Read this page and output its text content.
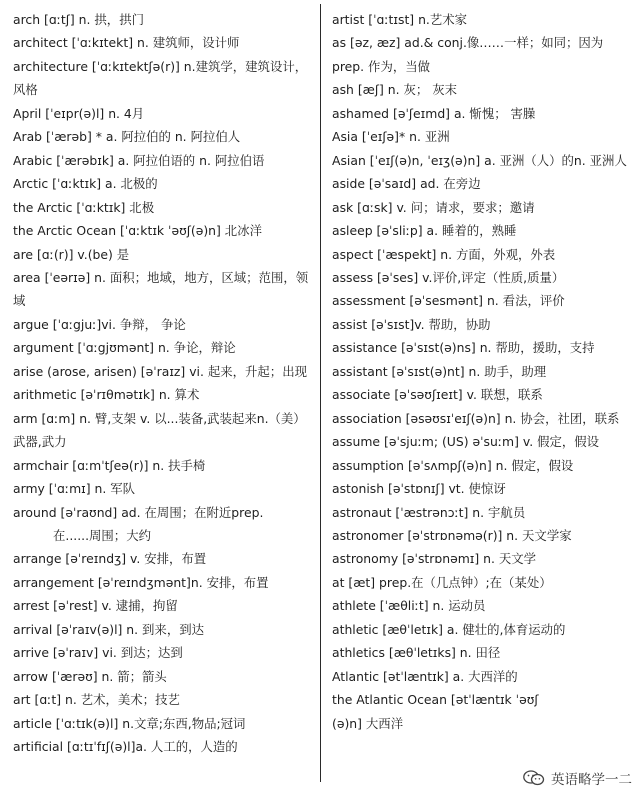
arch [ɑːtʃ] n. 拱，拱门
architect [ˈɑːkɪtekt] n. 建筑师，设计师
architecture [ˈɑːkɪtektʃə(r)] n.建筑学，建筑设计，风格
April [ˈeɪpr(ə)l] n. 4月
Arab [ˈærəb] * a. 阿拉伯的 n. 阿拉伯人
Arabic [ˈærəbɪk] a. 阿拉伯语的 n. 阿拉伯语
Arctic [ˈɑːktɪk] a. 北极的
the Arctic [ˈɑːktɪk] 北极
the Arctic Ocean [ˈɑːktɪk ˈəʊʃ(ə)n] 北冰洋
are [ɑː(r)] v.(be) 是
area [ˈeərɪə] n. 面积；地域，地方，区域；范围，领域
argue [ˈɑːgjuː]vi. 争辩， 争论
argument [ˈɑːgjʊmənt] n. 争论，辩论
arise (arose, arisen) [əˈraɪz] vi. 起来，升起；出现
arithmetic [əˈrɪθmətɪk] n. 算术
arm [ɑːm] n. 臂,支架 v. 以...装备,武装起来n.（美）武器,武力
armchair [ɑːmˈtʃeə(r)] n. 扶手椅
army [ˈɑːmɪ] n. 军队
around [əˈraʊnd] ad. 在周围；在附近prep.
在......周围；大约
arrange [əˈreɪndʒ] v. 安排，布置
arrangement [əˈreɪndʒmənt]n. 安排，布置
arrest [əˈrest] v. 逮捕，拘留
arrival [əˈraɪv(ə)l] n. 到来，到达
arrive [əˈraɪv] vi. 到达；达到
arrow [ˈærəʊ] n. 箭；箭头
art [ɑːt] n. 艺术，美术；技艺
article [ˈɑːtɪk(ə)l] n.文章;东西,物品;冠词
artificial [ɑːtɪˈfɪʃ(ə)l]a. 人工的，人造的
artist [ˈɑːtɪst] n.艺术家
as [əz, æz] ad.& conj.像……一样；如同；因为
prep. 作为，当做
ash [æʃ] n. 灰； 灰末
ashamed [əˈʃeɪmd] a. 惭愧； 害臊
Asia [ˈeɪʃə]* n. 亚洲
Asian [ˈeɪʃ(ə)n, ˈeɪʒ(ə)n] a. 亚洲（人）的n. 亚洲人
aside [əˈsaɪd] ad. 在旁边
ask [ɑːsk] v. 问；请求，要求；邀请
asleep [əˈsliːp] a. 睡着的，熟睡
aspect [ˈæspekt] n. 方面，外观，外表
assess [əˈses] v.评价,评定（性质,质量）
assessment [əˈsesmənt] n. 看法，评价
assist [əˈsɪst]v. 帮助，协助
assistance [əˈsɪst(ə)ns] n. 帮助，援助，支持
assistant [əˈsɪst(ə)nt] n. 助手，助理
associate [əˈsəʊʃɪeɪt] v. 联想，联系
association [əsəʊsɪˈeɪʃ(ə)n] n. 协会，社团，联系
assume [əˈsjuːm; (US) əˈsuːm] v. 假定，假设
assumption [əˈsʌmpʃ(ə)n] n. 假定，假设
astonish [əˈstɒnɪʃ] vt. 使惊讶
astronaut [ˈæstrənɔːt] n. 宇航员
astronomer [əˈstrɒnəmə(r)] n. 天文学家
astronomy [əˈstrɒnəmɪ] n. 天文学
at [æt] prep.在（几点钟）;在（某处）
athlete [ˈæθliːt] n. 运动员
athletic [æθˈletɪk] a. 健壮的,体育运动的
athletics [æθˈletɪks] n. 田径
Atlantic [ətˈlæntɪk] a. 大西洋的
the Atlantic Ocean [ətˈlæntɪk ˈəʊʃ(ə)n] 大西洋
英语略学一二
